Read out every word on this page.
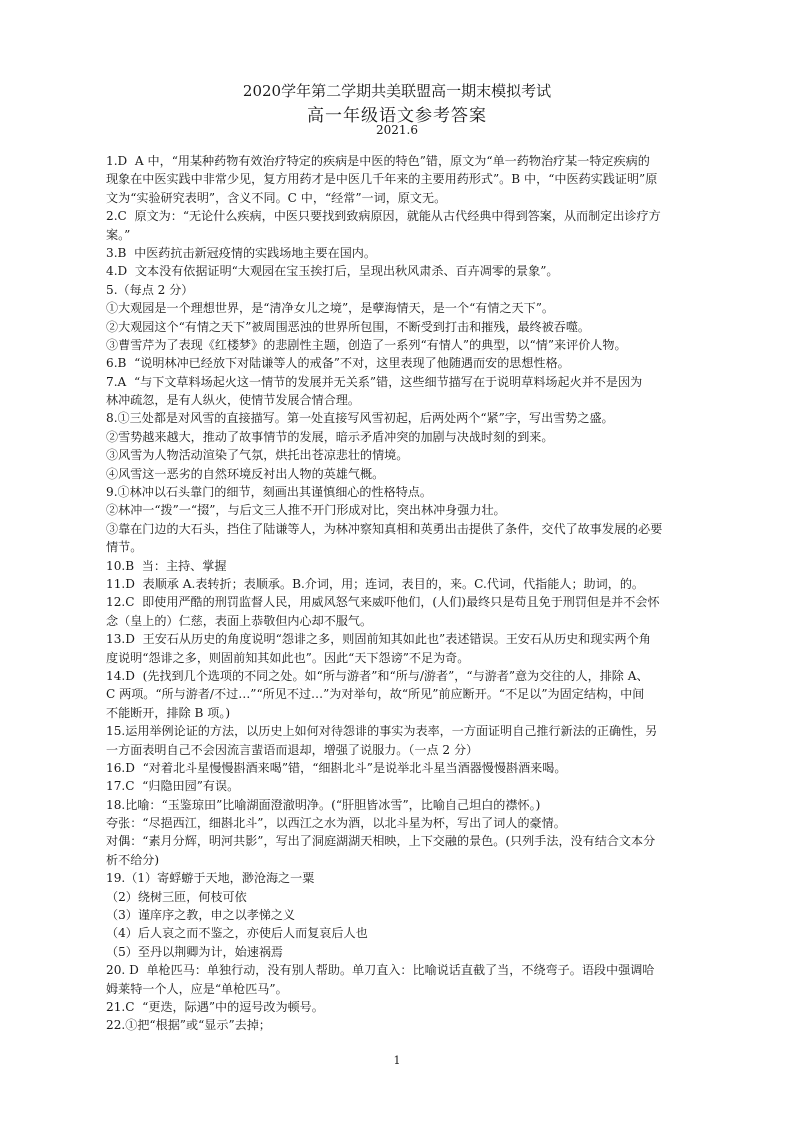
2020学年第二学期共美联盟高一期末模拟考试
高一年级语文参考答案
2021.6
1.D  A 中，“用某种药物有效治疗特定的疾病是中医的特色”错，原文为“单一药物治疗某一特定疾病的
现象在中医实践中非常少见，复方用药才是中医几千年来的主要用药形式”。B 中，“中医药实践证明”原
文为“实验研究表明”，含义不同。C 中，“经常”一词，原文无。
2.C  原文为：“无论什么疾病，中医只要找到致病原因，就能从古代经典中得到答案，从而制定出诊疗方
案。”
3.B  中医药抗击新冠疫情的实践场地主要在国内。
4.D  文本没有依据证明“大观园在宝玉挨打后，呈现出秋风肃杀、百卉凋零的景象”。
5.（每点 2 分）
①大观园是一个理想世界，是“清净女儿之境”，是孽海情天，是一个“有情之天下”。
②大观园这个“有情之天下”被周围恶浊的世界所包围，不断受到打击和摧残，最终被吞噬。
③曹雪芹为了表现《红楼梦》的悲剧性主题，创造了一系列“有情人”的典型，以“情”来评价人物。
6.B  “说明林冲已经放下对陆谦等人的戒备”不对，这里表现了他随遇而安的思想性格。
7.A  “与下文草料场起火这一情节的发展并无关系”错，这些细节描写在于说明草料场起火并不是因为
林冲疏忽，是有人纵火，使情节发展合情合理。
8.①三处都是对风雪的直接描写。第一处直接写风雪初起，后两处两个“紧”字，写出雪势之盛。
②雪势越来越大，推动了故事情节的发展，暗示矛盾冲突的加剧与决战时刻的到来。
③风雪为人物活动渲染了气氛，烘托出苍凉悲壮的情境。
④风雪这一恶劣的自然环境反衬出人物的英雄气概。
9.①林冲以石头靠门的细节，刻画出其谨慎细心的性格特点。
②林冲一“拨”一“掇”，与后文三人推不开门形成对比，突出林冲身强力壮。
③靠在门边的大石头，挡住了陆谦等人，为林冲察知真相和英勇出击提供了条件，交代了故事发展的必要
情节。
10.B  当：主持、掌握
11.D  表顺承 A.表转折；表顺承。B.介词，用；连词，表目的，来。C.代词，代指能人；助词，的。
12.C  即使用严酷的刑罚监督人民，用威风怒气来威吓他们，(人们)最终只是苟且免于刑罚但是并不会怀
念（皇上的）仁慈，表面上恭敬但内心却不服气。
13.D  王安石从历史的角度说明“怨诽之多，则固前知其如此也”表述错误。王安石从历史和现实两个角
度说明“怨诽之多，则固前知其如此也”。因此“天下怨谤”不足为奇。
14.D  (先找到几个选项的不同之处。如“所与游者”和“所与/游者”，“与游者”意为交往的人，排除 A、
C 两项。“所与游者/不过…”“所见不过…”为对举句，故“所见”前应断开。“不足以”为固定结构，中间
不能断开，排除 B 项。)
15.运用举例论证的方法，以历史上如何对待怨诽的事实为表率，一方面证明自己推行新法的正确性，另
一方面表明自己不会因流言蜚语而退却，增强了说服力。（一点 2 分）
16.D  “对着北斗星慢慢斟酒来喝”错，“细斟北斗”是说举北斗星当酒器慢慢斟酒来喝。
17.C  “归隐田园”有误。
18.比喻：“玉鉴琼田”比喻湖面澄澈明净。(“肝胆皆冰雪”，比喻自己坦白的襟怀。)
夸张：“尽挹西江，细斟北斗”，以西江之水为酒，以北斗星为杯，写出了词人的豪情。
对偶：“素月分辉，明河共影”，写出了洞庭湖湖天相映，上下交融的景色。(只列手法，没有结合文本分
析不给分)
19.（1）寄蜉蝣于天地，渺沧海之一粟
（2）绕树三匝，何枝可依
（3）谨庠序之教，申之以孝悌之义
（4）后人哀之而不鉴之，亦使后人而复哀后人也
（5）至丹以荆卿为计，始速祸焉
20. D  单枪匹马：单独行动，没有别人帮助。单刀直入：比喻说话直截了当，不绕弯子。语段中强调哈
姆莱特一个人，应是“单枪匹马”。
21.C  “更迭，际遇”中的逗号改为顿号。
22.①把“根据”或“显示”去掉；
1
